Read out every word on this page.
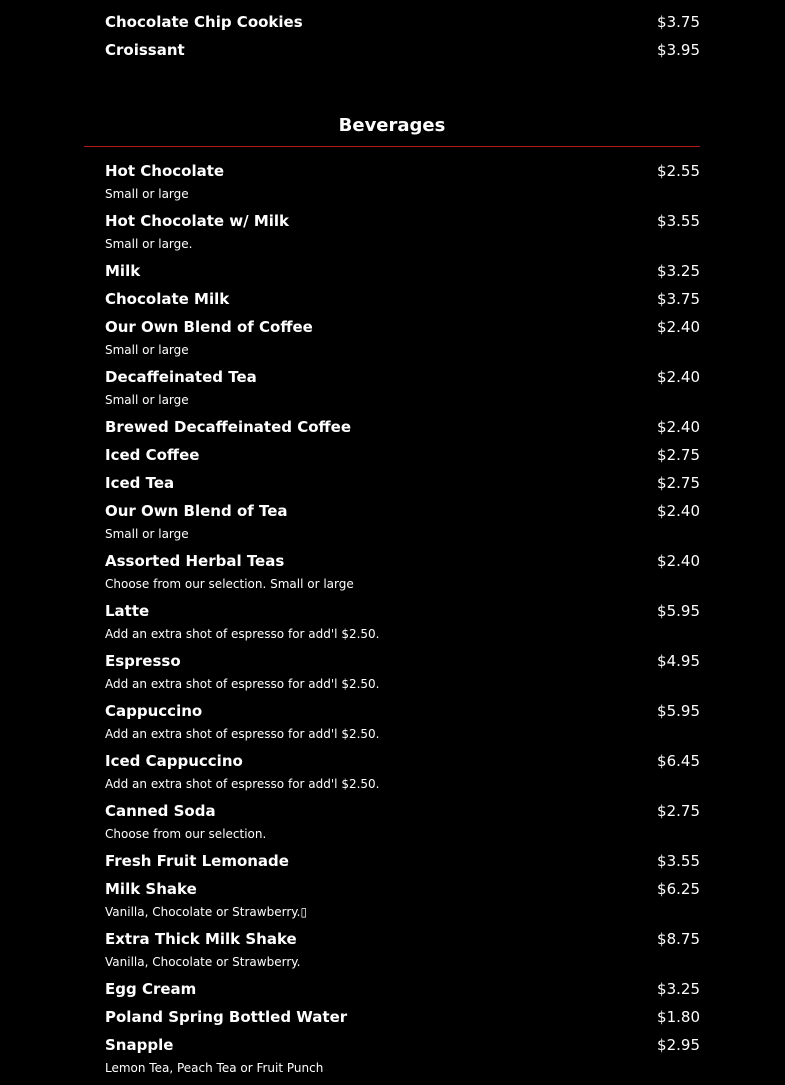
Chocolate Chip Cookies	$3.75
Croissant	$3.95
Beverages
Hot Chocolate	$2.55
Small or large
Hot Chocolate w/ Milk	$3.55
Small or large.
Milk	$3.25
Chocolate Milk	$3.75
Our Own Blend of Coffee	$2.40
Small or large
Decaffeinated Tea	$2.40
Small or large
Brewed Decaffeinated Coffee	$2.40
Iced Coffee	$2.75
Iced Tea	$2.75
Our Own Blend of Tea	$2.40
Small or large
Assorted Herbal Teas	$2.40
Choose from our selection. Small or large
Latte	$5.95
Add an extra shot of espresso for add'l $2.50.
Espresso	$4.95
Add an extra shot of espresso for add'l $2.50.
Cappuccino	$5.95
Add an extra shot of espresso for add'l $2.50.
Iced Cappuccino	$6.45
Add an extra shot of espresso for add'l $2.50.
Canned Soda	$2.75
Choose from our selection.
Fresh Fruit Lemonade	$3.55
Milk Shake	$6.25
Vanilla, Chocolate or Strawberry.▯
Extra Thick Milk Shake	$8.75
Vanilla, Chocolate or Strawberry.
Egg Cream	$3.25
Poland Spring Bottled Water	$1.80
Snapple	$2.95
Lemon Tea, Peach Tea or Fruit Punch
